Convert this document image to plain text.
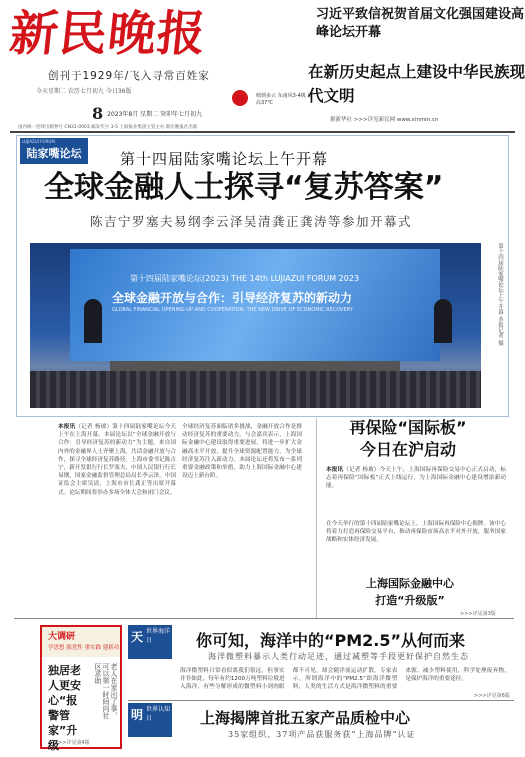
新民晚报
创刊于1929年/飞入寻常百姓家
今天星期二 农历七月初九 今日36版
8 2023年8月 星期二 癸卯年七月初九
国内统一连续出版物号 CN31-0003 邮发代号 3-5 上海报业集团主管主办 新民晚报社出版
晴到多云 东南风3-4级 最高37℃
习近平致信祝贺首届文化强国建设高峰论坛开幕
在新历史起点上建设中华民族现代文明
据新华社 >>>详见新民网 www.xinmin.cn
陆家嘴论坛
LUJIAZUI FORUM
第十四届陆家嘴论坛上午开幕
全球金融人士探寻“复苏答案”
陈吉宁罗塞夫易纲李云泽吴清龚正龚涛等参加开幕式
第十四届陆家嘴论坛(2023) THE 14th LUJIAZUI FORUM 2023
全球金融开放与合作：引导经济复苏的新动力
GLOBAL FINANCIAL OPENING-UP AND COOPERATION: THE NEW DRIVE OF ECONOMIC RECOVERY	第十四届陆家嘴论坛上午开幕 本报记者 摄
本报讯（记者 杨玻）第十四届陆家嘴论坛今天上午在上海开幕。本届论坛以“全球金融开放与合作：引导经济复苏的新动力”为主题，来自国内外的金融界人士齐聚上海，共话金融开放与合作，探寻全球经济复苏路径。上海市委书记陈吉宁，新开发银行行长罗塞夫，中国人民银行行长易纲，国家金融监督管理总局局长李云泽，中国证监会主席吴清，上海市市长龚正等出席开幕式。论坛期间将举办多场全体大会和闭门会议。
全球经济复苏面临诸多挑战，金融开放合作是推动经济复苏的重要动力。与会嘉宾表示，上海国际金融中心建设取得重要进展，将进一步扩大金融高水平开放，提升全球资源配置能力，为全球经济复苏注入新动力。本届论坛还将发布一系列重要金融政策和举措，助力上海国际金融中心建设迈上新台阶。
再保险“国际板”
今日在沪启动
本报讯（记者 杨玻）今天上午，上海国际再保险交易中心正式启动，标志着再保险“国际板”正式上线运行，为上海国际金融中心建设增添新动能。
在今天举行的第十四届陆家嘴论坛上，上海国际再保险中心揭牌。该中心将着力打造再保险交易平台，推动再保险市场高水平对外开放，服务国家战略和实体经济发展。
上海国际金融中心
打造“升级版”
>>>详见第3版
大调研
学思想 强党性 重实践 建新功
独居老人更安心“报警管家”升级
老人在家出了事，可以第一时间向社区求助
>>>详见第4版
天 世界海洋日	你可知，海洋中的“PM2.5”从何而来
海洋微塑料暴示人类行动足迹，通过减塑等手段更好保护自然生态
海洋微塑料日常看似离我们很远，但事实并非如此。每年有约1200万吨塑料垃圾进入海洋，有些分解形成的微塑料小到肉眼都不可见，却会随洋流运动扩散。专家表示，所谓海洋中的“PM2.5”即海洋微塑料，人类的生活方式是海洋微塑料的重要来源。减少塑料使用，科学处理废弃物，是保护海洋的重要途径。
>>>详见第6版
明 世界认知日	上海揭牌首批五家产品质检中心
35家组织、37项产品获服务获“上海品牌”认证
